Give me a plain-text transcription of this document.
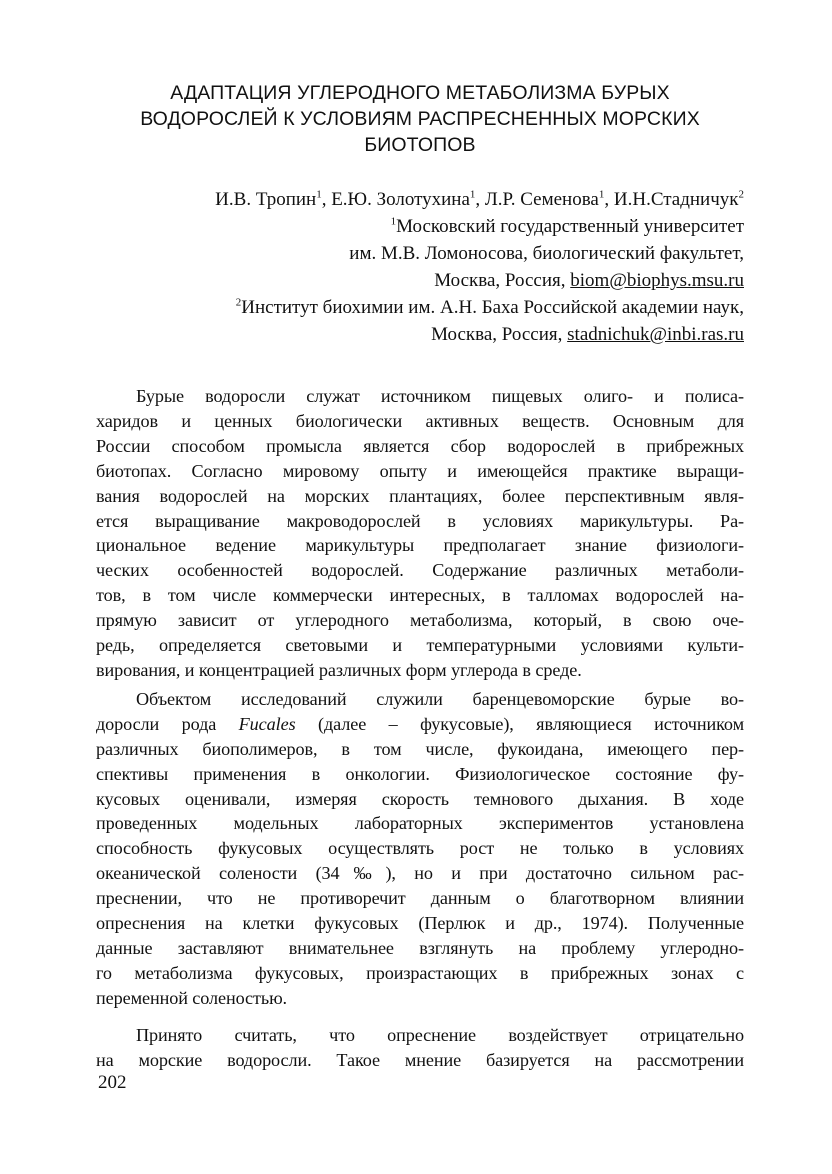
АДАПТАЦИЯ УГЛЕРОДНОГО МЕТАБОЛИЗМА БУРЫХ
ВОДОРОСЛЕЙ К УСЛОВИЯМ РАСПРЕСНЕННЫХ МОРСКИХ
БИОТОПОВ
И.В. Тропин$^1$, Е.Ю. Золотухина$^1$, Л.Р. Семенова$^1$, И.Н.Стадничук$^2$
$^1$Московский государственный университет
им. М.В. Ломоносова, биологический факультет,
Москва, Россия, biom@biophys.msu.ru
$^2$Институт биохимии им. А.Н. Баха Российской академии наук,
Москва, Россия, stadnichuk@inbi.ras.ru
Бурые водоросли служат источником пищевых олиго- и полиса-
харидов и ценных биологически активных веществ. Основным для
России способом промысла является сбор водорослей в прибрежных
биотопах. Согласно мировому опыту и имеющейся практике выращи-
вания водорослей на морских плантациях, более перспективным явля-
ется выращивание макроводорослей в условиях марикультуры. Ра-
циональное ведение марикультуры предполагает знание физиологи-
ческих особенностей водорослей. Содержание различных метаболи-
тов, в том числе коммерчески интересных, в талломах водорослей на-
прямую зависит от углеродного метаболизма, который, в свою оче-
редь, определяется световыми и температурными условиями культи-
вирования, и концентрацией различных форм углерода в среде.
Объектом исследований служили баренцевоморские бурые во-
доросли рода Fucales (далее – фукусовые), являющиеся источником
различных биополимеров, в том числе, фукоидана, имеющего пер-
спективы применения в онкологии. Физиологическое состояние фу-
кусовых оценивали, измеряя скорость темнового дыхания. В ходе
проведенных модельных лабораторных экспериментов установлена
способность фукусовых осуществлять рост не только в условиях
океанической солености (34‰), но и при достаточно сильном рас-
преснении, что не противоречит данным о благотворном влиянии
опреснения на клетки фукусовых (Перлюк и др., 1974). Полученные
данные заставляют внимательнее взглянуть на проблему углеродно-
го метаболизма фукусовых, произрастающих в прибрежных зонах с
переменной соленостью.
Принято считать, что опреснение воздействует отрицательно
на морские водоросли. Такое мнение базируется на рассмотрении
202
